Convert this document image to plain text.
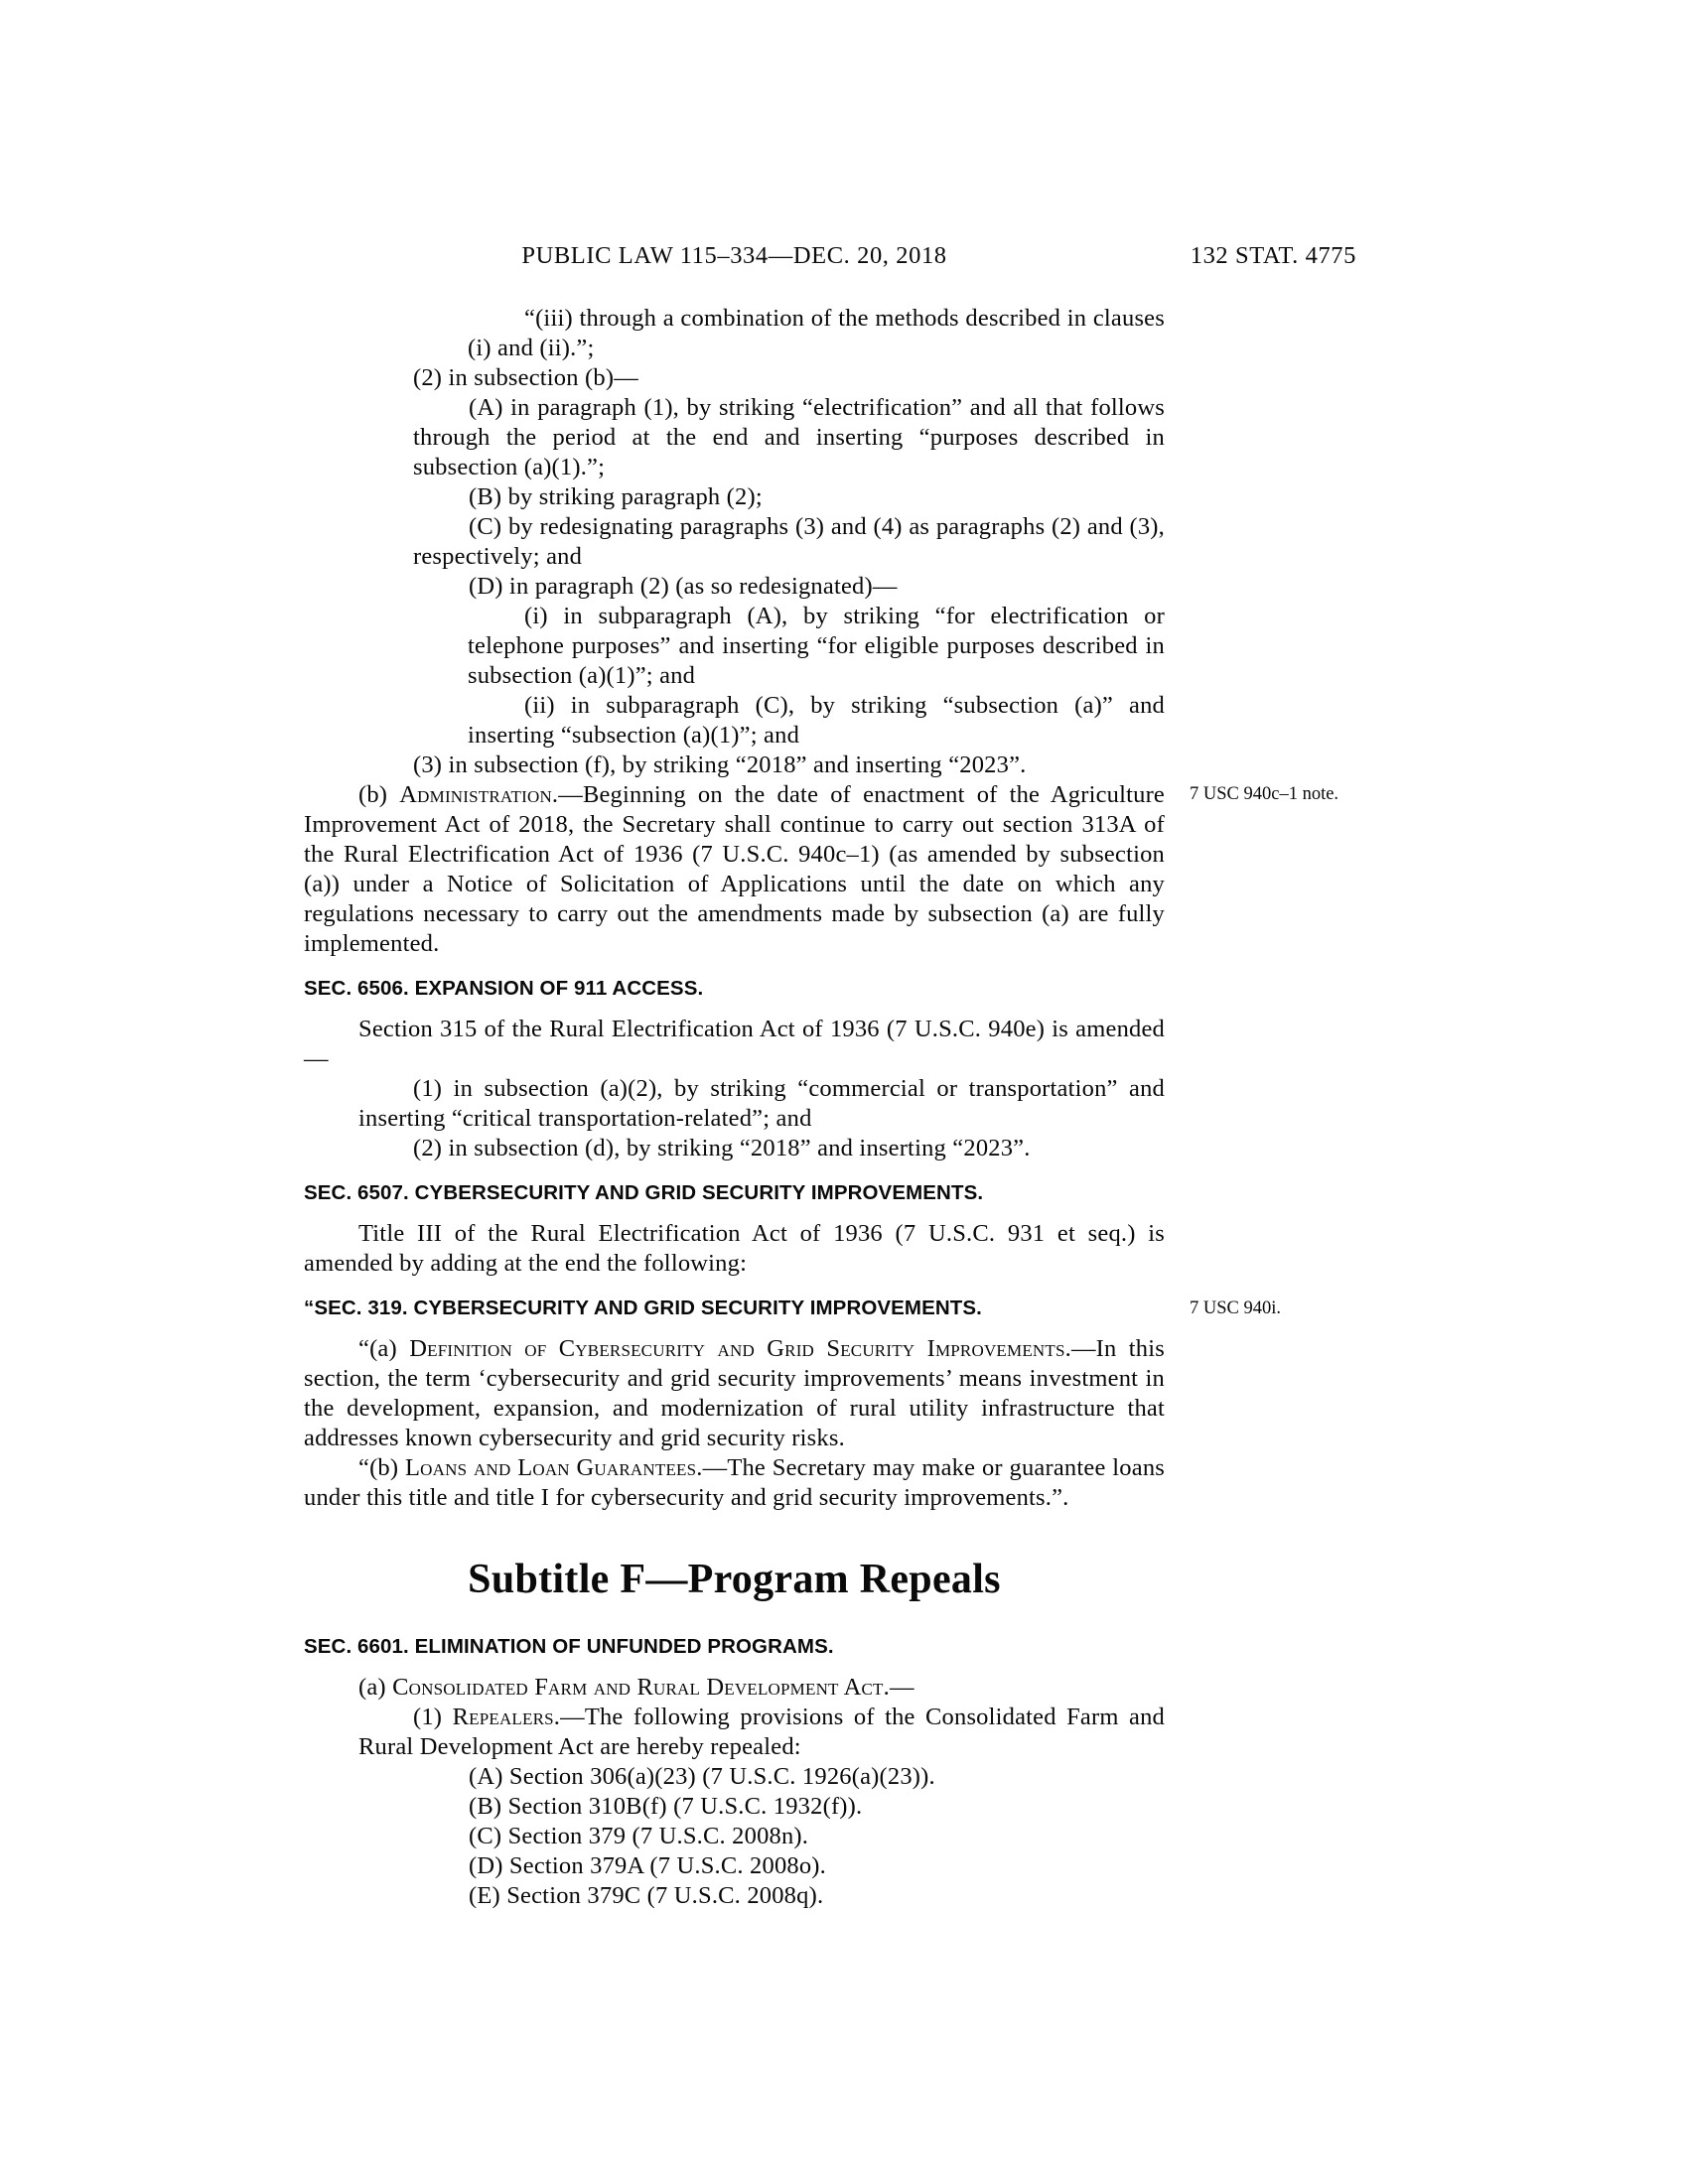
PUBLIC LAW 115–334—DEC. 20, 2018	132 STAT. 4775

“(iii) through a combination of the methods described in clauses (i) and (ii).”;

(2) in subsection (b)—

(A) in paragraph (1), by striking “electrification” and all that follows through the period at the end and inserting “purposes described in subsection (a)(1).”;

(B) by striking paragraph (2);

(C) by redesignating paragraphs (3) and (4) as paragraphs (2) and (3), respectively; and

(D) in paragraph (2) (as so redesignated)—

(i) in subparagraph (A), by striking “for electrification or telephone purposes” and inserting “for eligible purposes described in subsection (a)(1)”; and

(ii) in subparagraph (C), by striking “subsection (a)” and inserting “subsection (a)(1)”; and

(3) in subsection (f), by striking “2018” and inserting “2023”.

(b) Administration.—Beginning on the date of enactment of the Agriculture Improvement Act of 2018, the Secretary shall continue to carry out section 313A of the Rural Electrification Act of 1936 (7 U.S.C. 940c–1) (as amended by subsection (a)) under a Notice of Solicitation of Applications until the date on which any regulations necessary to carry out the amendments made by subsection (a) are fully implemented.
7 USC 940c–1 note.

SEC. 6506. EXPANSION OF 911 ACCESS.

Section 315 of the Rural Electrification Act of 1936 (7 U.S.C. 940e) is amended—

(1) in subsection (a)(2), by striking “commercial or transportation” and inserting “critical transportation-related”; and

(2) in subsection (d), by striking “2018” and inserting “2023”.

SEC. 6507. CYBERSECURITY AND GRID SECURITY IMPROVEMENTS.

Title III of the Rural Electrification Act of 1936 (7 U.S.C. 931 et seq.) is amended by adding at the end the following:

“SEC. 319. CYBERSECURITY AND GRID SECURITY IMPROVEMENTS.	7 USC 940i.

“(a) Definition of Cybersecurity and Grid Security Improvements.—In this section, the term ‘cybersecurity and grid security improvements’ means investment in the development, expansion, and modernization of rural utility infrastructure that addresses known cybersecurity and grid security risks.

“(b) Loans and Loan Guarantees.—The Secretary may make or guarantee loans under this title and title I for cybersecurity and grid security improvements.”.

Subtitle F—Program Repeals
SEC. 6601. ELIMINATION OF UNFUNDED PROGRAMS.

(a) Consolidated Farm and Rural Development Act.—

(1) Repealers.—The following provisions of the Consolidated Farm and Rural Development Act are hereby repealed:

(A) Section 306(a)(23) (7 U.S.C. 1926(a)(23)).

(B) Section 310B(f) (7 U.S.C. 1932(f)).

(C) Section 379 (7 U.S.C. 2008n).

(D) Section 379A (7 U.S.C. 2008o).

(E) Section 379C (7 U.S.C. 2008q).
